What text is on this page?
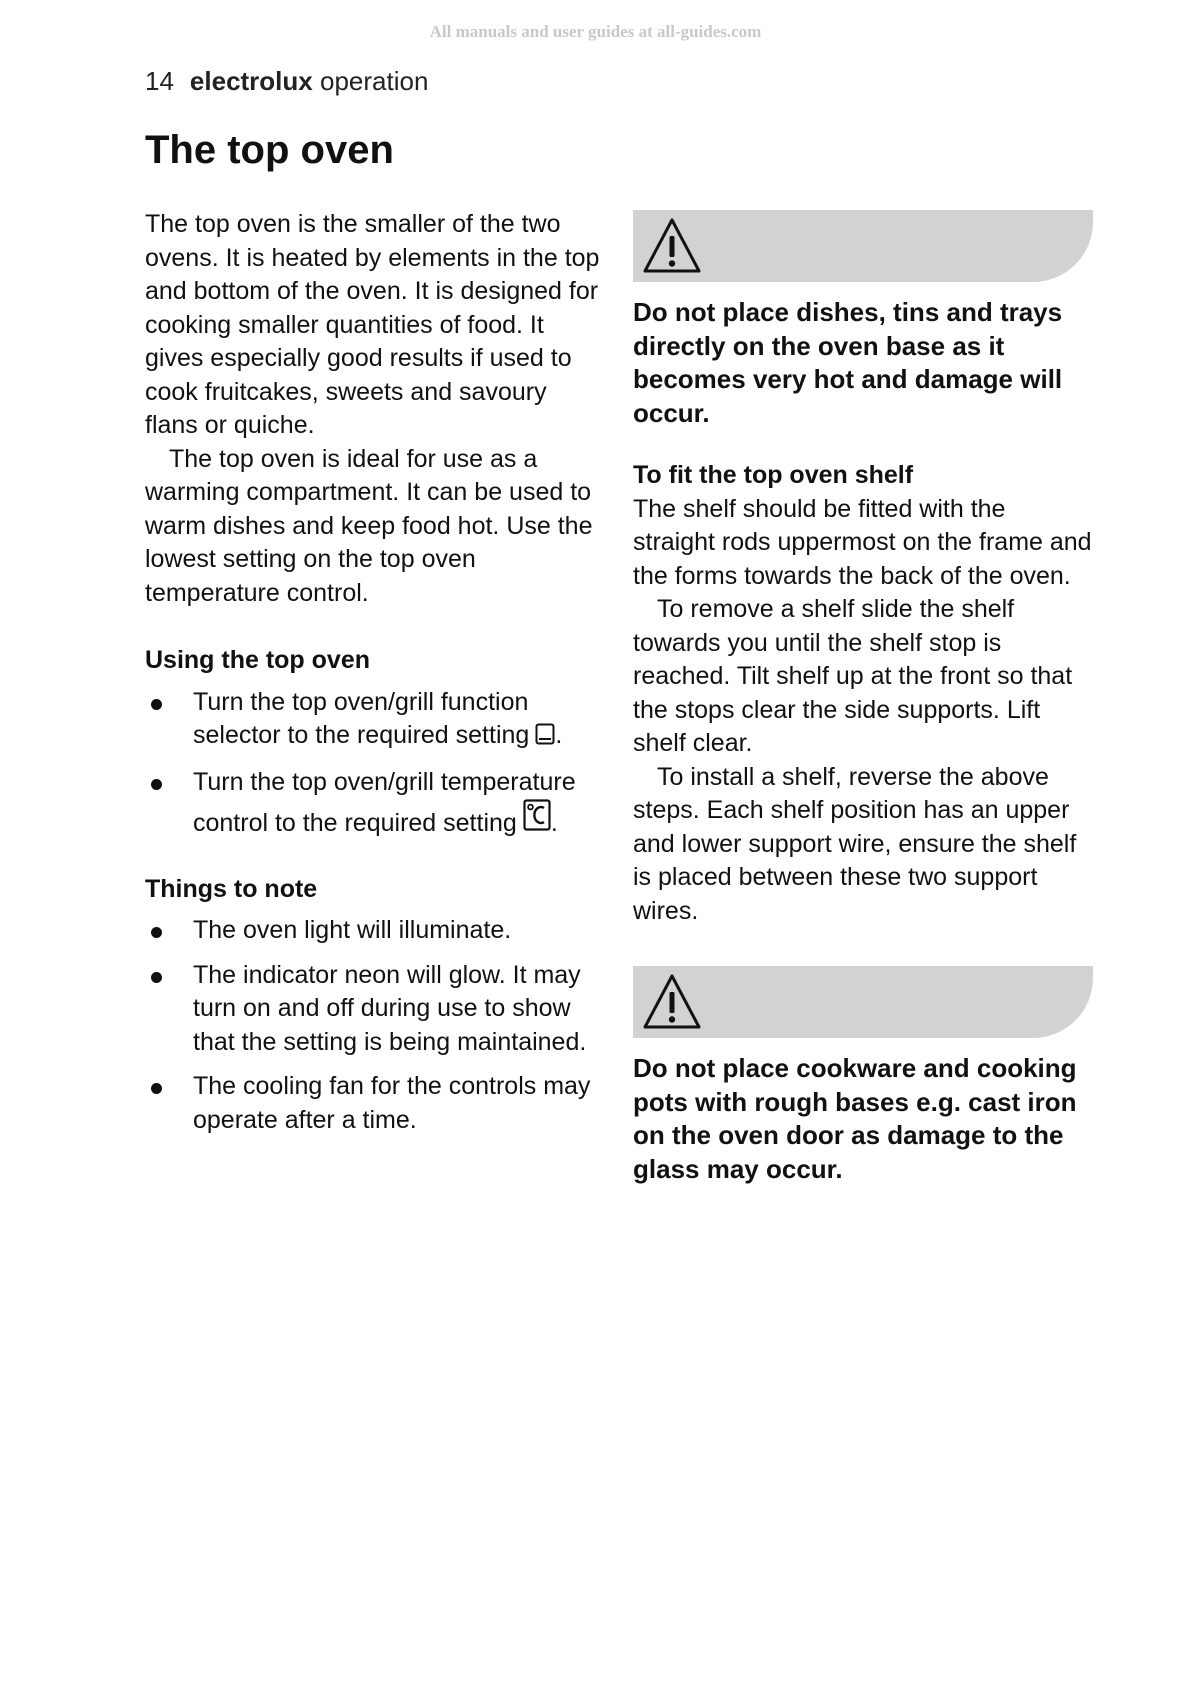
All manuals and user guides at all-guides.com
14 electrolux operation
The top oven

The top oven is the smaller of the two ovens. It is heated by elements in the top and bottom of the oven. It is designed for cooking smaller quantities of food. It gives especially good results if used to cook fruitcakes, sweets and savoury flans or quiche.

The top oven is ideal for use as a warming compartment. It can be used to warm dishes and keep food hot. Use the lowest setting on the top oven temperature control.

Using the top oven
Turn the top oven/grill function selector to the required setting .
Turn the top oven/grill temperature control to the required setting .
Things to note
The oven light will illuminate.
The indicator neon will glow. It may turn on and off during use to show that the setting is being maintained.
The cooling fan for the controls may operate after a time.

Do not place dishes, tins and trays directly on the oven base as it becomes very hot and damage will occur.

To fit the top oven shelf

The shelf should be fitted with the straight rods uppermost on the frame and the forms towards the back of the oven.

To remove a shelf slide the shelf towards you until the shelf stop is reached. Tilt shelf up at the front so that the stops clear the side supports. Lift shelf clear.

To install a shelf, reverse the above steps. Each shelf position has an upper and lower support wire, ensure the shelf is placed between these two support wires.

Do not place cookware and cooking pots with rough bases e.g. cast iron on the oven door as damage to the glass may occur.
